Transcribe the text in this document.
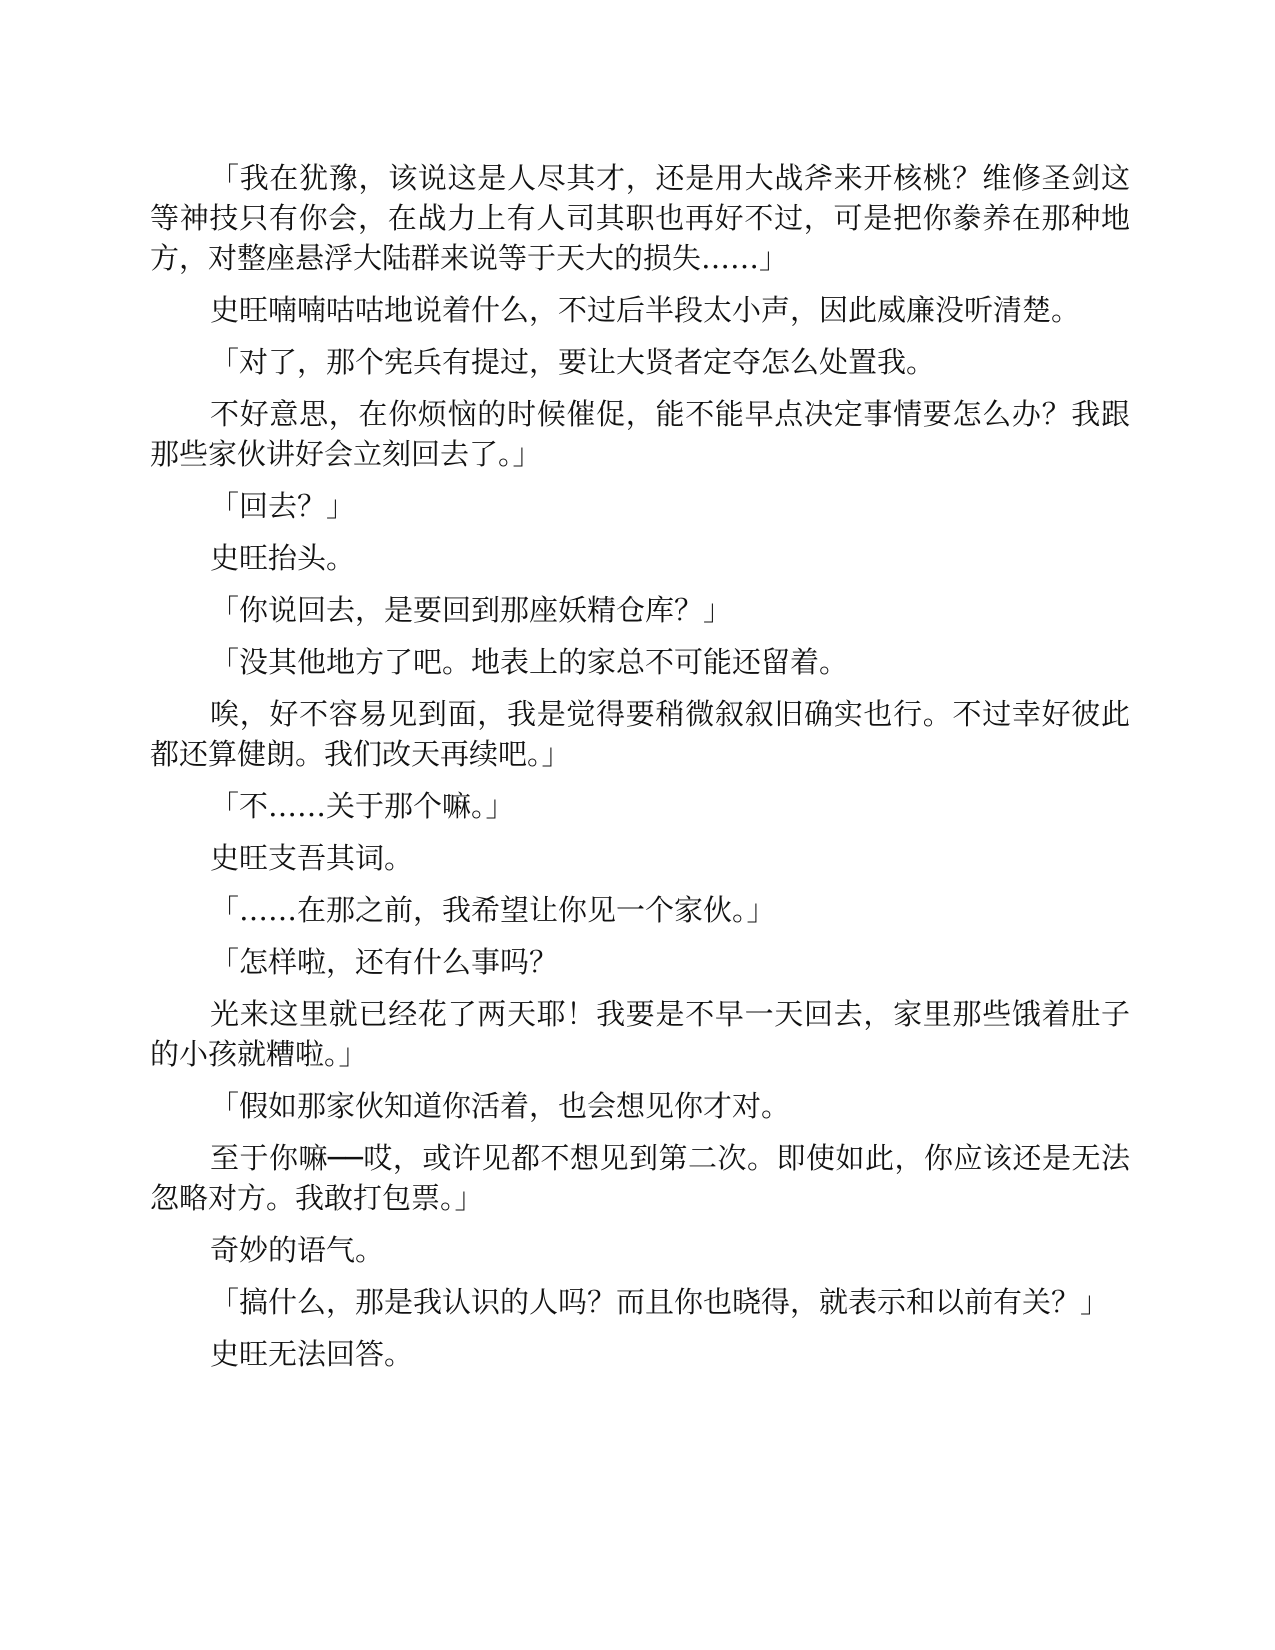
「我在犹豫，该说这是人尽其才，还是用大战斧来开核桃？维修圣剑这等神技只有你会，在战力上有人司其职也再好不过，可是把你豢养在那种地方，对整座悬浮大陆群来说等于天大的损失……」

史旺喃喃咕咕地说着什么，不过后半段太小声，因此威廉没听清楚。

「对了，那个宪兵有提过，要让大贤者定夺怎么处置我。

不好意思，在你烦恼的时候催促，能不能早点决定事情要怎么办？我跟那些家伙讲好会立刻回去了。」

「回去？」

史旺抬头。

「你说回去，是要回到那座妖精仓库？」

「没其他地方了吧。地表上的家总不可能还留着。

唉，好不容易见到面，我是觉得要稍微叙叙旧确实也行。不过幸好彼此都还算健朗。我们改天再续吧。」

「不……关于那个嘛。」

史旺支吾其词。

「……在那之前，我希望让你见一个家伙。」

「怎样啦，还有什么事吗？

光来这里就已经花了两天耶！我要是不早一天回去，家里那些饿着肚子的小孩就糟啦。」

「假如那家伙知道你活着，也会想见你才对。

至于你嘛──哎，或许见都不想见到第二次。即使如此，你应该还是无法忽略对方。我敢打包票。」

奇妙的语气。

「搞什么，那是我认识的人吗？而且你也晓得，就表示和以前有关？」

史旺无法回答。
